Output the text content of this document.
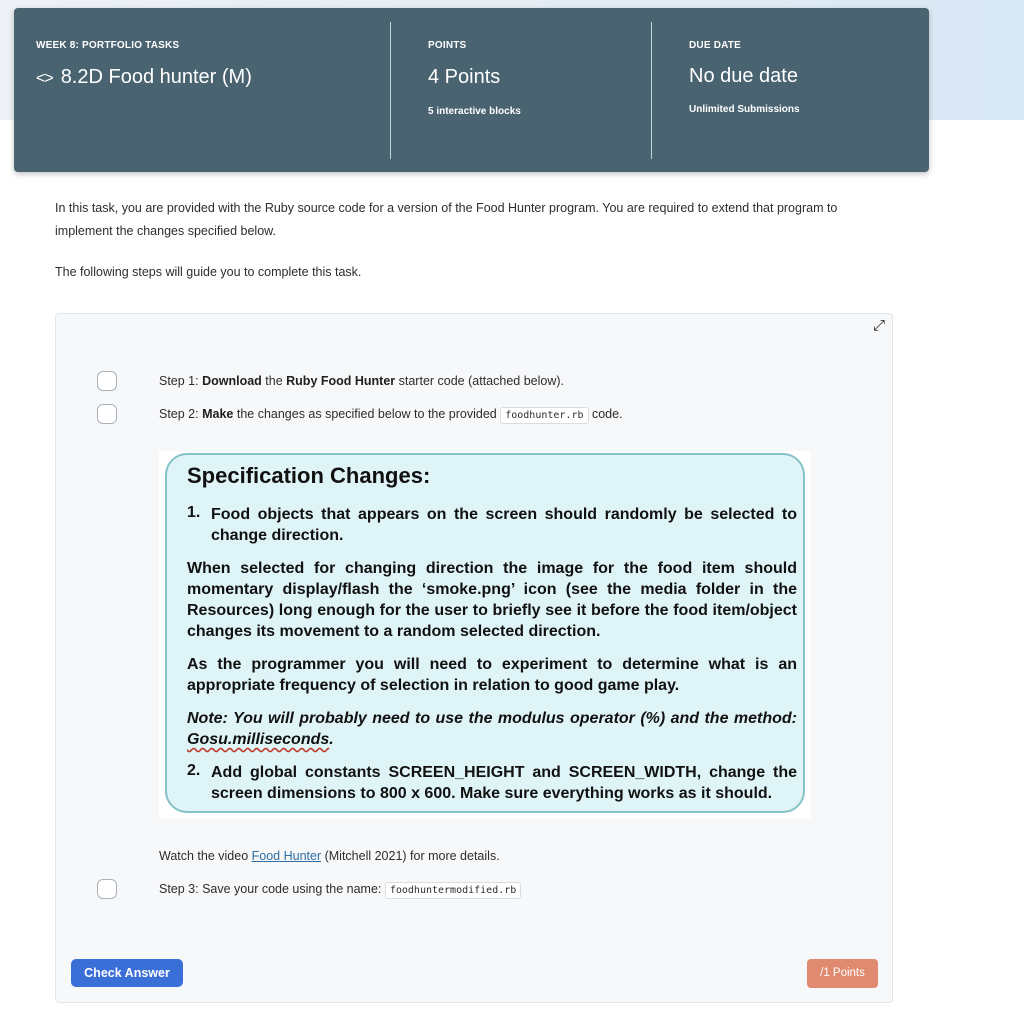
WEEK 8: PORTFOLIO TASKS
<> 8.2D Food hunter (M)
POINTS
4 Points
5 interactive blocks
DUE DATE
No due date
Unlimited Submissions
In this task, you are provided with the Ruby source code for a version of the Food Hunter program. You are required to extend that program to implement the changes specified below.
The following steps will guide you to complete this task.
⤢
Step 1: Download the Ruby Food Hunter starter code (attached below).
Step 2: Make the changes as specified below to the provided foodhunter.rb code.
Specification Changes:
1. Food objects that appears on the screen should randomly be selected to change direction.

When selected for changing direction the image for the food item should momentary display/flash the ‘smoke.png’ icon (see the media folder in the Resources) long enough for the user to briefly see it before the food item/object changes its movement to a random selected direction.

As the programmer you will need to experiment to determine what is an appropriate frequency of selection in relation to good game play.

Note: You will probably need to use the modulus operator (%) and the method: Gosu.milliseconds.

2. Add global constants SCREEN_HEIGHT and SCREEN_WIDTH, change the screen dimensions to 800 x 600. Make sure everything works as it should.

Watch the video Food Hunter (Mitchell 2021) for more details.
Step 3: Save your code using the name: foodhuntermodified.rb
Check Answer	/1 Points
